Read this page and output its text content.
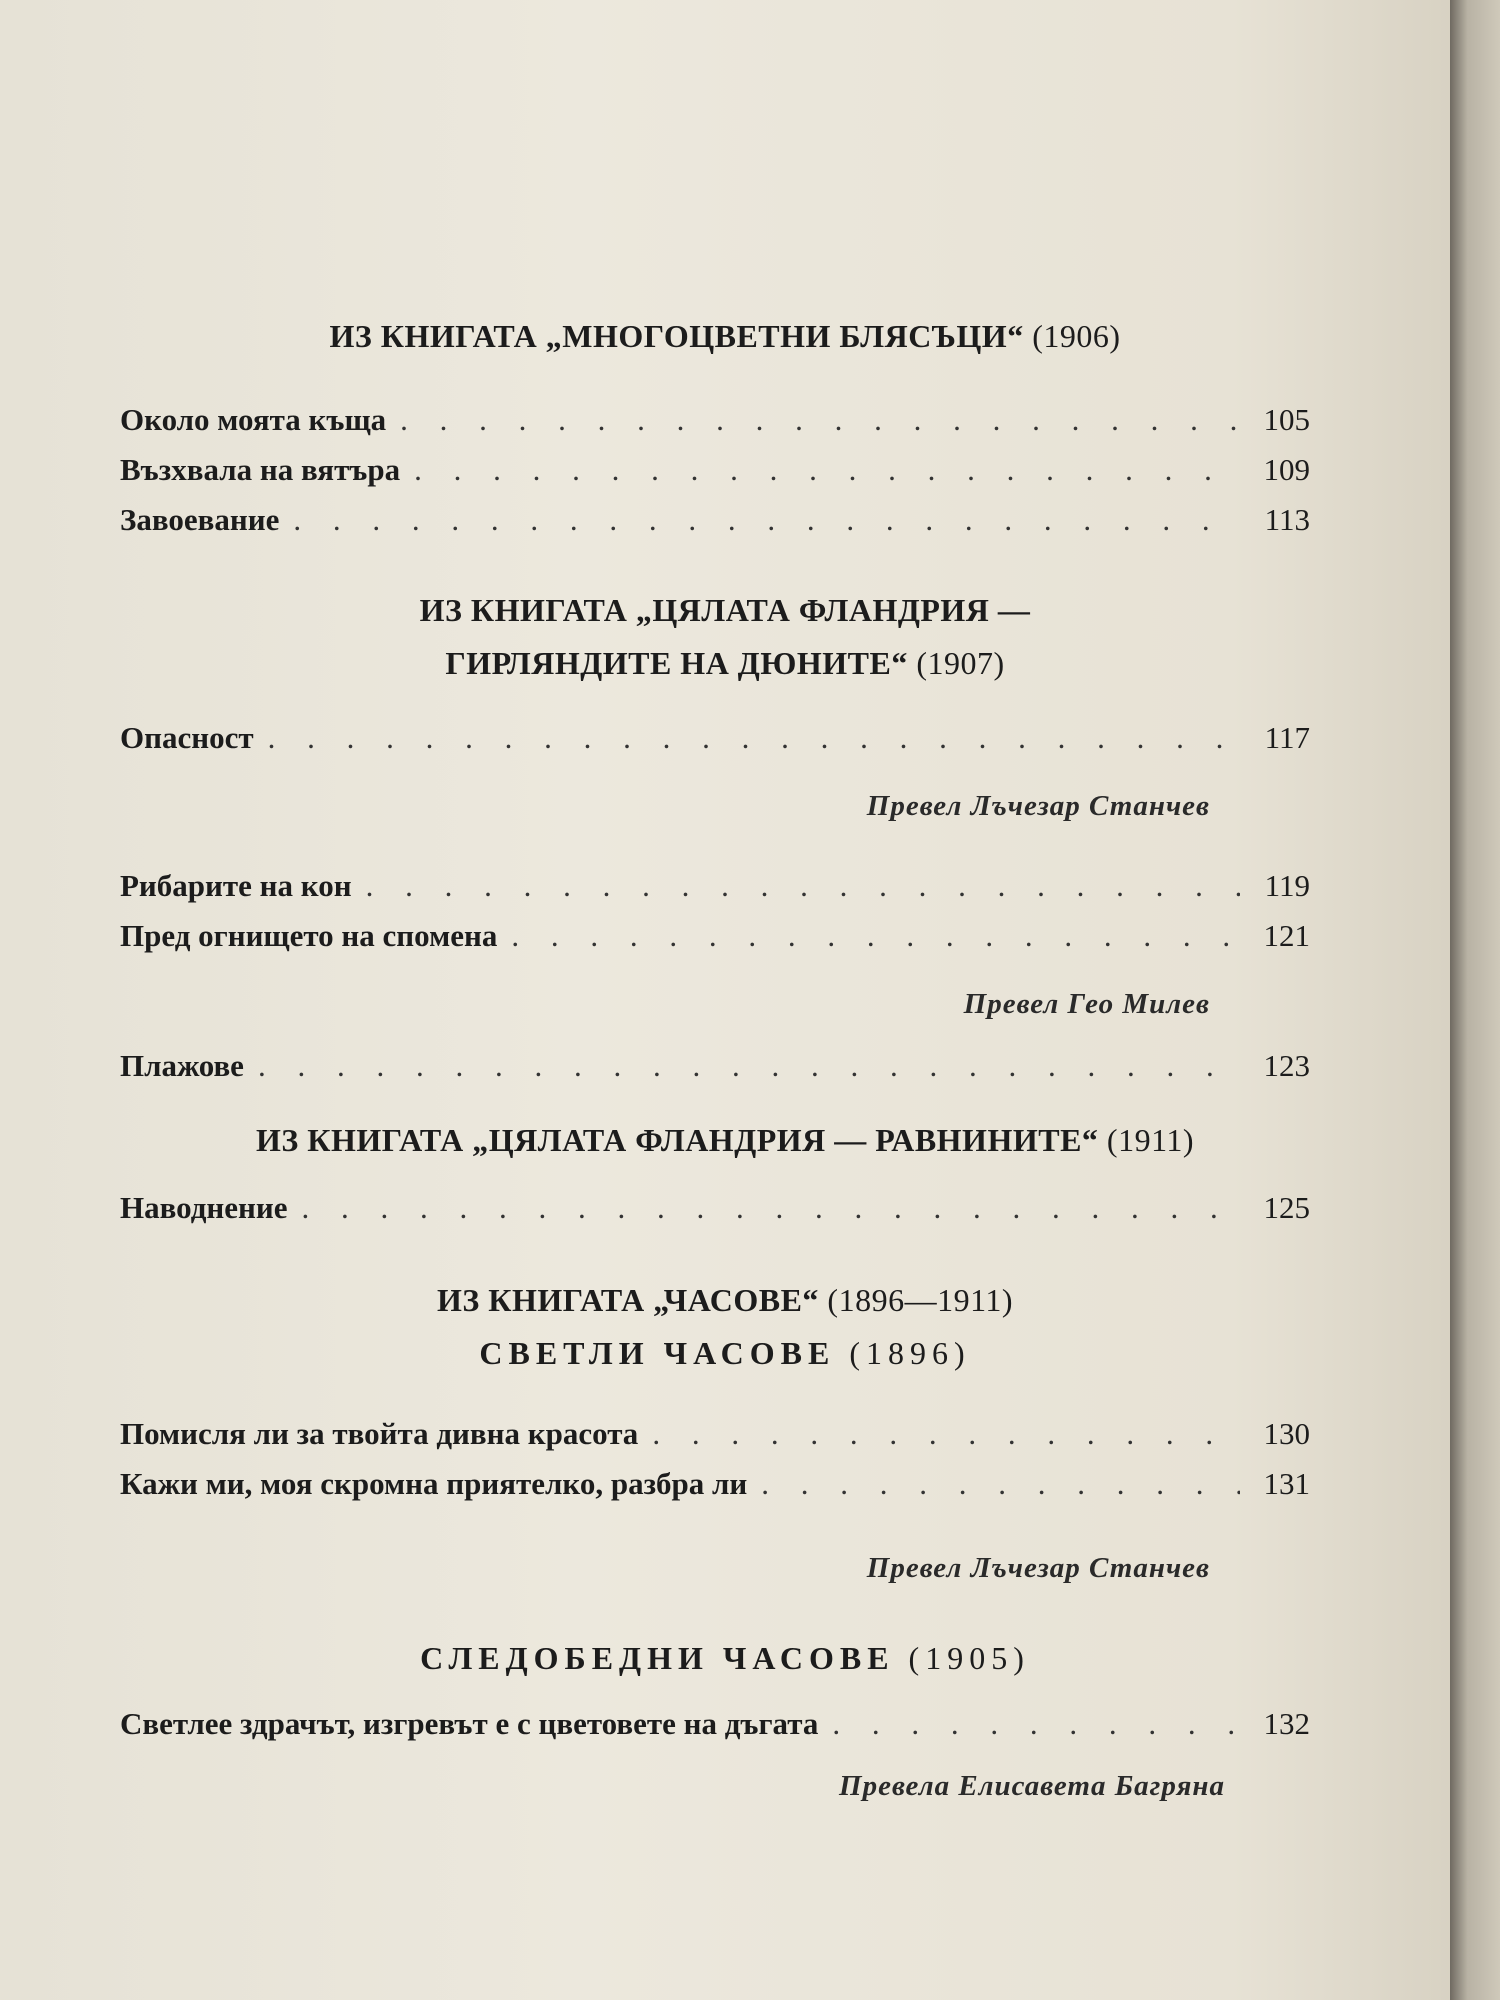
ИЗ КНИГАТА „МНОГОЦВЕТНИ БЛЯСЪЦИ“ (1906)
Около моята къща . . .	105
Възхвала на вятъра . . .	109
Завоевание . . .	113
ИЗ КНИГАТА „ЦЯЛАТА ФЛАНДРИЯ —
ГИРЛЯНДИТЕ НА ДЮНИТЕ“ (1907)
Опасност . . .	117
Превел Лъчезар Станчев
Рибарите на кон . . .	119
Пред огнището на спомена . . .	121
Превел Гео Милев
Плажове . . .	123
ИЗ КНИГАТА „ЦЯЛАТА ФЛАНДРИЯ — РАВНИНИТЕ“ (1911)
Наводнение . . .	125
ИЗ КНИГАТА „ЧАСОВЕ“ (1896—1911)
СВЕТЛИ ЧАСОВЕ (1896)
Помисля ли за твойта дивна красота . . .	130
Кажи ми, моя скромна приятелко, разбра ли . . .	131
Превел Лъчезар Станчев
СЛЕДОБЕДНИ ЧАСОВЕ (1905)
Светлее здрачът, изгревът е с цветовете на дъгата . . .	132
Превела Елисавета Багряна
